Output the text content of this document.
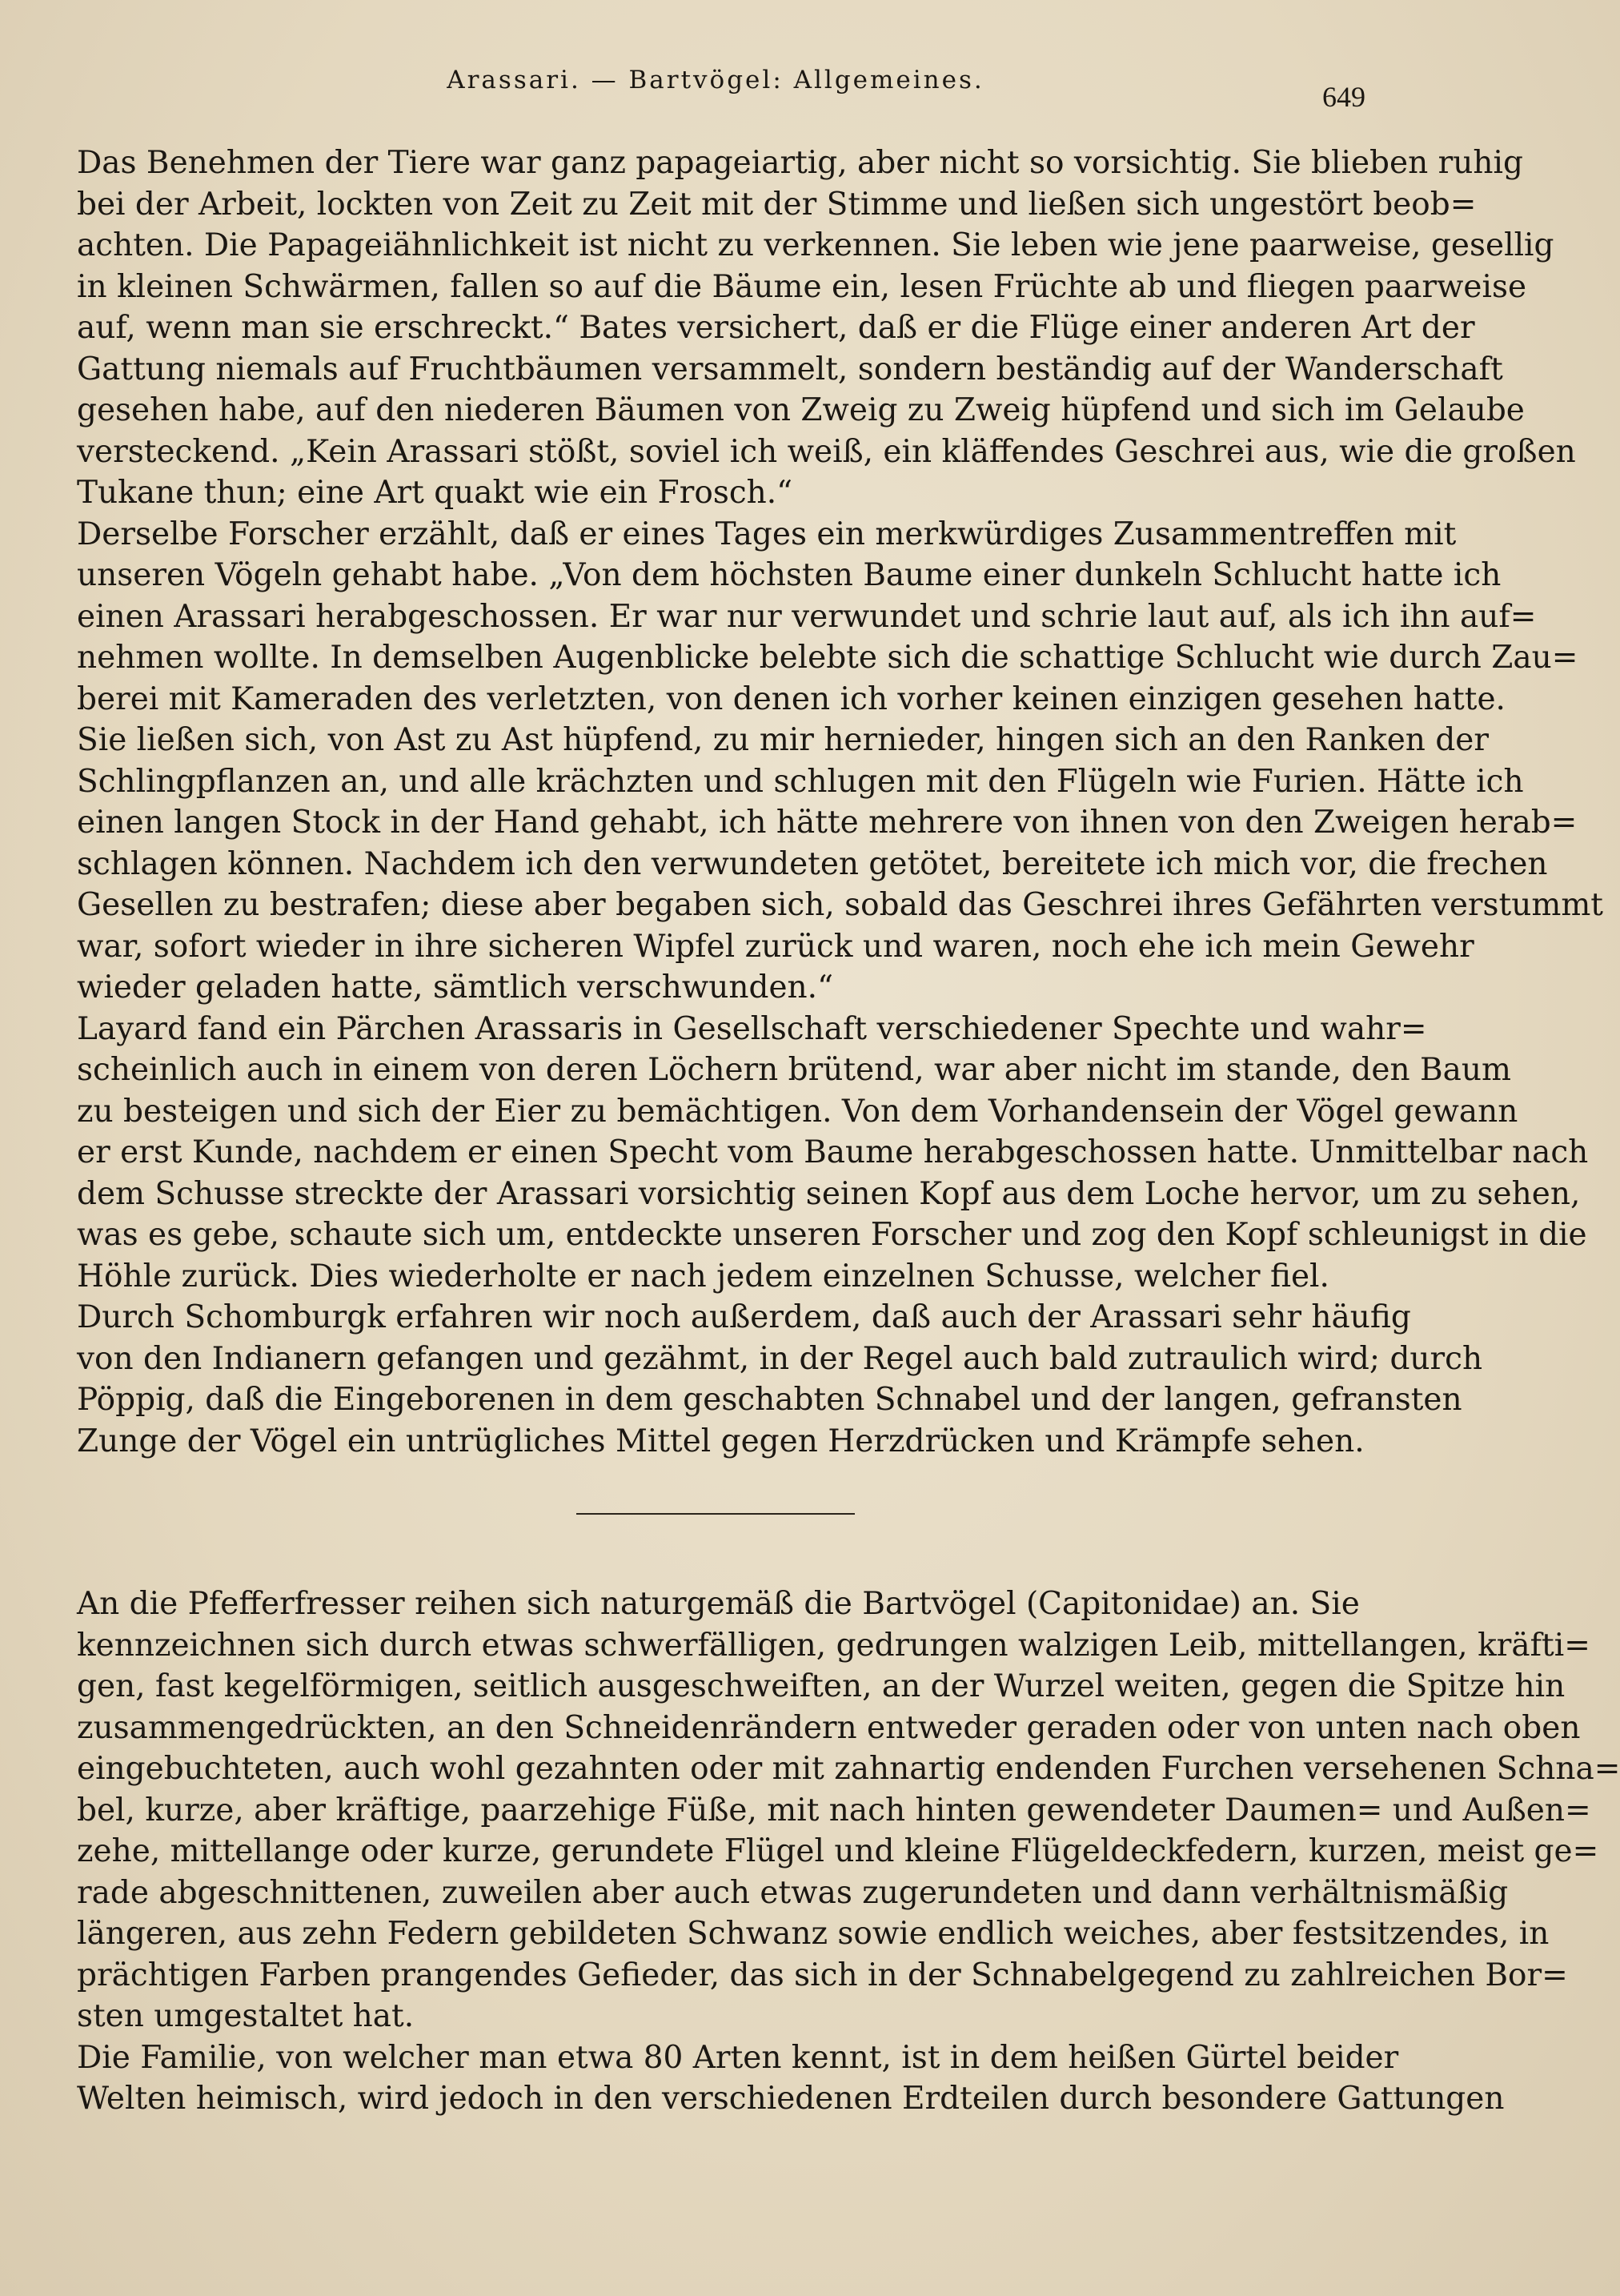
Arassari. — Bartvögel: Allgemeines.
649
Das Benehmen der Tiere war ganz papageiartig, aber nicht so vorsichtig. Sie blieben ruhig
bei der Arbeit, lockten von Zeit zu Zeit mit der Stimme und ließen sich ungestört beob=
achten. Die Papageiähnlichkeit ist nicht zu verkennen. Sie leben wie jene paarweise, gesellig
in kleinen Schwärmen, fallen so auf die Bäume ein, lesen Früchte ab und fliegen paarweise
auf, wenn man sie erschreckt.“ Bates versichert, daß er die Flüge einer anderen Art der
Gattung niemals auf Fruchtbäumen versammelt, sondern beständig auf der Wanderschaft
gesehen habe, auf den niederen Bäumen von Zweig zu Zweig hüpfend und sich im Gelaube
versteckend. „Kein Arassari stößt, soviel ich weiß, ein kläffendes Geschrei aus, wie die großen
Tukane thun; eine Art quakt wie ein Frosch.“
Derselbe Forscher erzählt, daß er eines Tages ein merkwürdiges Zusammentreffen mit
unseren Vögeln gehabt habe. „Von dem höchsten Baume einer dunkeln Schlucht hatte ich
einen Arassari herabgeschossen. Er war nur verwundet und schrie laut auf, als ich ihn auf=
nehmen wollte. In demselben Augenblicke belebte sich die schattige Schlucht wie durch Zau=
berei mit Kameraden des verletzten, von denen ich vorher keinen einzigen gesehen hatte.
Sie ließen sich, von Ast zu Ast hüpfend, zu mir hernieder, hingen sich an den Ranken der
Schlingpflanzen an, und alle krächzten und schlugen mit den Flügeln wie Furien. Hätte ich
einen langen Stock in der Hand gehabt, ich hätte mehrere von ihnen von den Zweigen herab=
schlagen können. Nachdem ich den verwundeten getötet, bereitete ich mich vor, die frechen
Gesellen zu bestrafen; diese aber begaben sich, sobald das Geschrei ihres Gefährten verstummt
war, sofort wieder in ihre sicheren Wipfel zurück und waren, noch ehe ich mein Gewehr
wieder geladen hatte, sämtlich verschwunden.“
Layard fand ein Pärchen Arassaris in Gesellschaft verschiedener Spechte und wahr=
scheinlich auch in einem von deren Löchern brütend, war aber nicht im stande, den Baum
zu besteigen und sich der Eier zu bemächtigen. Von dem Vorhandensein der Vögel gewann
er erst Kunde, nachdem er einen Specht vom Baume herabgeschossen hatte. Unmittelbar nach
dem Schusse streckte der Arassari vorsichtig seinen Kopf aus dem Loche hervor, um zu sehen,
was es gebe, schaute sich um, entdeckte unseren Forscher und zog den Kopf schleunigst in die
Höhle zurück. Dies wiederholte er nach jedem einzelnen Schusse, welcher fiel.
Durch Schomburgk erfahren wir noch außerdem, daß auch der Arassari sehr häufig
von den Indianern gefangen und gezähmt, in der Regel auch bald zutraulich wird; durch
Pöppig, daß die Eingeborenen in dem geschabten Schnabel und der langen, gefransten
Zunge der Vögel ein untrügliches Mittel gegen Herzdrücken und Krämpfe sehen.
An die Pfefferfresser reihen sich naturgemäß die Bartvögel (Capitonidae) an. Sie
kennzeichnen sich durch etwas schwerfälligen, gedrungen walzigen Leib, mittellangen, kräfti=
gen, fast kegelförmigen, seitlich ausgeschweiften, an der Wurzel weiten, gegen die Spitze hin
zusammengedrückten, an den Schneidenrändern entweder geraden oder von unten nach oben
eingebuchteten, auch wohl gezahnten oder mit zahnartig endenden Furchen versehenen Schna=
bel, kurze, aber kräftige, paarzehige Füße, mit nach hinten gewendeter Daumen= und Außen=
zehe, mittellange oder kurze, gerundete Flügel und kleine Flügeldeckfedern, kurzen, meist ge=
rade abgeschnittenen, zuweilen aber auch etwas zugerundeten und dann verhältnismäßig
längeren, aus zehn Federn gebildeten Schwanz sowie endlich weiches, aber festsitzendes, in
prächtigen Farben prangendes Gefieder, das sich in der Schnabelgegend zu zahlreichen Bor=
sten umgestaltet hat.
Die Familie, von welcher man etwa 80 Arten kennt, ist in dem heißen Gürtel beider
Welten heimisch, wird jedoch in den verschiedenen Erdteilen durch besondere Gattungen
